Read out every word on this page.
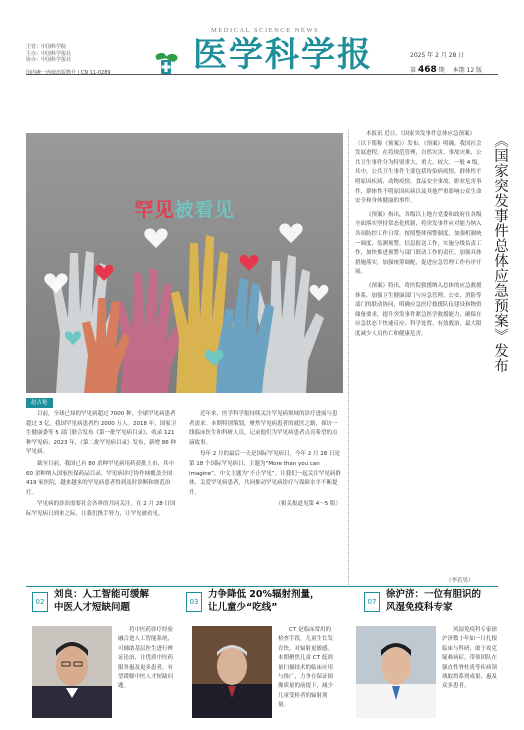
主管：中国科学院
主办：中国科学报社
协办：中国科学报社
国内统一连续出版物号 | CN 11-0289
MEDICAL SCIENCE NEWS
医学科学报	2025 年 2 月 28 日
第 468 期 本期 12 版
罕见被看见
赵吉艳

目前，全球已知的罕见病超过 7000 种，全球罕见病患者超过 3 亿。我国罕见病患者约 2000 万人。2018 年，国家卫生健康委等 5 部门联合发布《第一批罕见病目录》，收录 121 种罕见病；2023 年，《第二批罕见病目录》发布，新增 86 种罕见病。

截至目前，我国已有 80 余种罕见病用药获批上市，其中 60 余种纳入国家医保药品目录。罕见病诊疗协作网覆盖全国 419 家医院，越来越多的罕见病患者得到及时诊断和规范治疗。

罕见病的诊治需要社会各界的共同关注。在 2 月 28 日国际罕见病日到来之际，让我们携手努力，让罕见被看见。

近年来，医学科学报持续关注罕见病领域的诊疗进展与患者需求。本期特别策划，聚焦罕见病患者的就医之路，探访一线临床医生和科研人员，记录他们为罕见病患者点亮希望的点滴故事。

每年 2 月的最后一天是国际罕见病日。今年 2 月 28 日是第 18 个国际罕见病日，主题为“More than you can imagine”，中文主题为“不止罕见”。让我们一起关注罕见病群体，关爱罕见病患者，共同推动罕见病诊疗与保障水平不断提升。

（相关报道见第 4～5 版）

本报讯 近日，《国家突发事件总体应急预案》（以下简称《预案》）发布。《预案》明确，我国社会发展进程，在将规范管理，自然灾害、事故灾难、公共卫生事件分为特别重大、重大、较大、一般 4 级。其中，公共卫生事件主要包括传染病疫情、群体性不明原因疾病、动物疫情、食品安全事故、职业危害事件、群体性不明原因疾病以及其他严重影响公众生命安全和身体健康的事件。

《预案》指出，各级以上地方党委和政府在各级全面落实坚持常态化机制，将突发事件应对能力纳入各项防控工作日常。按照整体预警制度，加强机制统一调度，监测预警，信息报送工作，实施分级负责工作，加快推进预警与部门联动工作的责任，加强具体措施落实，加强统筹调配，促进应急管理工作有序开展。

《预案》特出，将医院救援纳入总体的应急救援体系，加强卫生健康部门与应急管理、公安、消防等部门的联动协同，明确应急医疗救援队伍建设和物资储备要求，提升突发事件紧急医学救援能力，确保在应急状态下快速反应、科学处置、有效救治，最大限度减少人员伤亡和健康危害。	《国家突发事件总体应急预案》发布
（李若男）
02
刘良：人工智能可缓解
中医人才短缺问题

将中医药诊疗经验融合进人工智能系统，可辅助基层医生进行辨证论治，让优质中医药服务惠及更多患者，有望缓解中医人才短缺问题。

03
力争降低 20%辐射剂量，
让儿童少“吃线”

CT 是临床常用的检查手段，儿童生长发育快，对辐射更敏感。本期聚焦儿童 CT 低剂量扫描技术的临床应用与推广，力争在保证图像质量的前提下，减少儿童受检者的辐射剂量。

07
徐沪济：一位有胆识的
风湿免疫科专家

风湿免疫科专家徐沪济数十年如一日扎根临床与科研，敢于攻克疑难病症，带领团队在强直性脊柱炎等疾病领域取得系列成果，惠及众多患者。
